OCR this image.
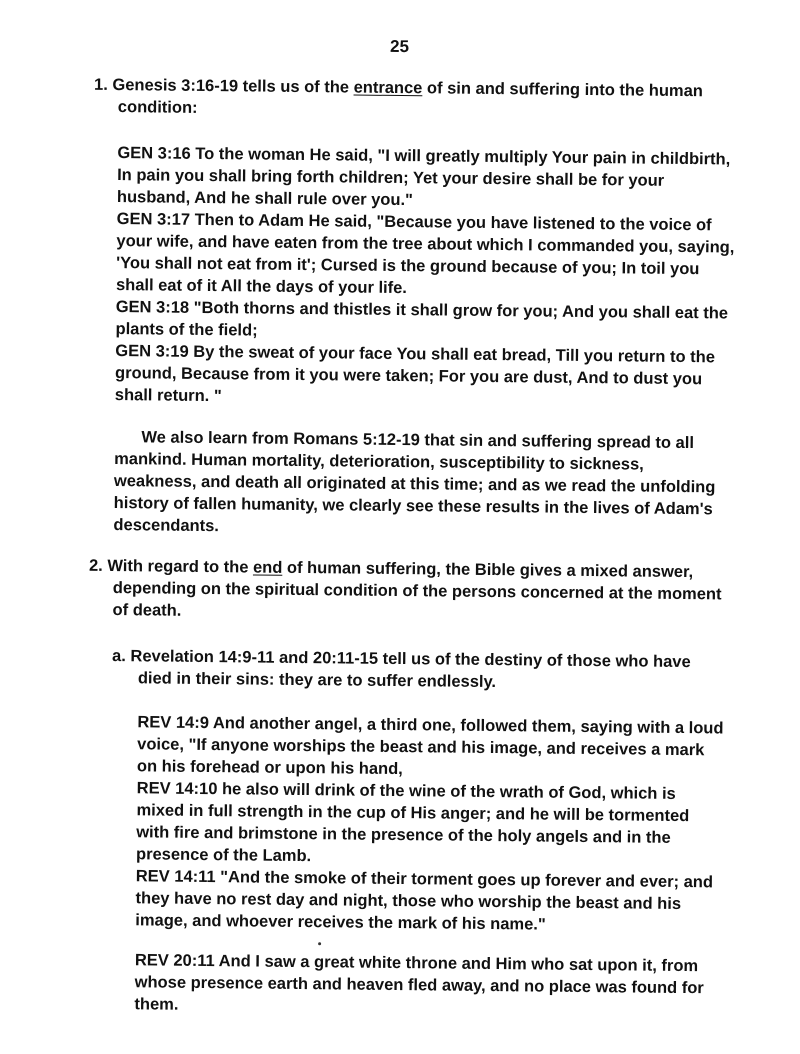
25

1. Genesis 3:16-19 tells us of the entrance of sin and suffering into the human condition:

GEN 3:16 To the woman He said, "I will greatly multiply Your pain in childbirth, In pain you shall bring forth children; Yet your desire shall be for your husband, And he shall rule over you."
GEN 3:17 Then to Adam He said, "Because you have listened to the voice of your wife, and have eaten from the tree about which I commanded you, saying, 'You shall not eat from it'; Cursed is the ground because of you; In toil you shall eat of it All the days of your life.
GEN 3:18 "Both thorns and thistles it shall grow for you; And you shall eat the plants of the field;
GEN 3:19 By the sweat of your face You shall eat bread, Till you return to the ground, Because from it you were taken; For you are dust, And to dust you shall return. "

We also learn from Romans 5:12-19 that sin and suffering spread to all mankind. Human mortality, deterioration, susceptibility to sickness, weakness, and death all originated at this time; and as we read the unfolding history of fallen humanity, we clearly see these results in the lives of Adam's descendants.

2. With regard to the end of human suffering, the Bible gives a mixed answer, depending on the spiritual condition of the persons concerned at the moment of death.

a. Revelation 14:9-11 and 20:11-15 tell us of the destiny of those who have died in their sins: they are to suffer endlessly.

REV 14:9 And another angel, a third one, followed them, saying with a loud voice, "If anyone worships the beast and his image, and receives a mark on his forehead or upon his hand,
REV 14:10 he also will drink of the wine of the wrath of God, which is mixed in full strength in the cup of His anger; and he will be tormented with fire and brimstone in the presence of the holy angels and in the presence of the Lamb.
REV 14:11 "And the smoke of their torment goes up forever and ever; and they have no rest day and night, those who worship the beast and his image, and whoever receives the mark of his name."

REV 20:11 And I saw a great white throne and Him who sat upon it, from whose presence earth and heaven fled away, and no place was found for them.
